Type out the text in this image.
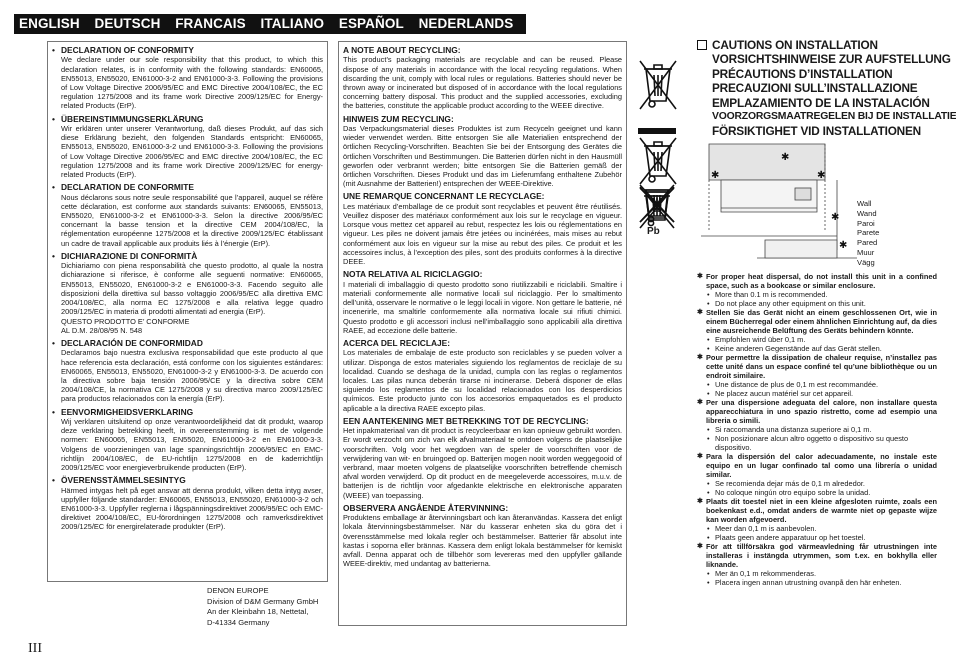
ENGLISH DEUTSCH FRANCAIS ITALIANO ESPAÑOL NEDERLANDS SVENSKA
• DECLARATION OF CONFORMITY
We declare under our sole responsibility that this product, to which this declaration relates, is in conformity with the following standards: EN60065, EN55013, EN55020, EN61000-3-2 and EN61000-3-3. Following the provisions of Low Voltage Directive 2006/95/EC and EMC Directive 2004/108/EC, the EC regulation 1275/2008 and its frame work Directive 2009/125/EC for Energy-related Products (ErP).
• ÜBEREINSTIMMUNGSERKLÄRUNG
Wir erklären unter unserer Verantwortung, daß dieses Produkt, auf das sich diese Erklärung bezieht, den folgenden Standards entspricht: EN60065, EN55013, EN55020, EN61000-3-2 und EN61000-3-3. Following the provisions of Low Voltage Directive 2006/95/EC and EMC directive 2004/108/EC, the EC regulation 1275/2008 and its frame work Directive 2009/125/EC for energy-related Products (ErP).
• DECLARATION DE CONFORMITE
Nous déclarons sous notre seule responsabilité que l’appareil, auquel se réfère cette déclaration, est conforme aux standards suivants: EN60065, EN55013, EN55020, EN61000-3-2 et EN61000-3-3. Selon la directive 2006/95/EC concernant la basse tension et la directive CEM 2004/108/EC, la réglementation européenne 1275/2008 et la directive 2009/125/EC établissant un cadre de travail applicable aux produits liés à l’énergie (ErP).
• DICHIARAZIONE DI CONFORMITÀ
Dichiariamo con piena responsabilità che questo prodotto, al quale la nostra dichiarazione si riferisce, è conforme alle seguenti normative: EN60065, EN55013, EN55020, EN61000-3-2 e EN61000-3-3. Facendo seguito alle disposizioni della direttiva sul basso voltaggio 2006/95/EC alla direttiva EMC 2004/108/EC, alla norma EC 1275/2008 e alla relativa legge quadro 2009/125/EC in materia di prodotti alimentati ad energia (ErP).
QUESTO PRODOTTO E’ CONFORME
AL D.M. 28/08/95 N. 548
• DECLARACIÓN DE CONFORMIDAD
Declaramos bajo nuestra exclusiva responsabilidad que este producto al que hace referencia esta declaración, está conforme con los siguientes estándares: EN60065, EN55013, EN55020, EN61000-3-2 y EN61000-3-3. De acuerdo con la directiva sobre baja tensión 2006/95/CE y la directiva sobre CEM 2004/108/CE, la normativa CE 1275/2008 y su directiva marco 2009/125/EC para productos relacionados con la energía (ErP).
• EENVORMIGHEIDSVERKLARING
Wij verklaren uitsluitend op onze verantwoordelijkheid dat dit produkt, waarop deze verklaring betrekking heeft, in overeenstemming is met de volgende normen: EN60065, EN55013, EN55020, EN61000-3-2 en EN61000-3-3. Volgens de voorzieningen van lage spanningsrichtlijn 2006/95/EC en EMC-richtlijn 2004/108/EC, de EU-richtlijn 1275/2008 en de kaderrichtlijn 2009/125/EC voor energieverbruikende producten (ErP).
• ÖVERENSSTÄMMELSESINTYG
Härmed intygas helt på eget ansvar att denna produkt, vilken detta intyg avser, uppfyller följande standarder: EN60065, EN55013, EN55020, EN61000-3-2 och EN61000-3-3. Uppfyller reglerna i lågspänningsdirektivet 2006/95/EC och EMC-direktivet 2004/108/EC, EU-förordningen 1275/2008 och ramverksdirektivet 2009/125/EC för energirelaterade produkter (ErP).
DENON EUROPE
Division of D&M Germany GmbH
An der Kleinbahn 18, Nettetal,
D-41334 Germany
III
A NOTE ABOUT RECYCLING:
This product’s packaging materials are recyclable and can be reused. Please dispose of any materials in accordance with the local recycling regulations. When discarding the unit, comply with local rules or regulations. Batteries should never be thrown away or incinerated but disposed of in accordance with the local regulations concerning battery disposal. This product and the supplied accessories, excluding the batteries, constitute the applicable product according to the WEEE directive.
HINWEIS ZUM RECYCLING:
Das Verpackungsmaterial dieses Produktes ist zum Recyceln geeignet und kann wieder verwendet werden. Bitte entsorgen Sie alle Materialien entsprechend der örtlichen Recycling-Vorschriften. Beachten Sie bei der Entsorgung des Gerätes die örtlichen Vorschriften und Bestimmungen. Die Batterien dürfen nicht in den Hausmüll geworfen oder verbrannt werden; bitte entsorgen Sie die Batterien gemäß der örtlichen Vorschriften. Dieses Produkt und das im Lieferumfang enthaltene Zubehör (mit Ausnahme der Batterien!) entsprechen der WEEE-Direktive.
UNE REMARQUE CONCERNANT LE RECYCLAGE:
Les matériaux d’emballage de ce produit sont recyclables et peuvent être réutilisés. Veuillez disposer des matériaux conformément aux lois sur le recyclage en vigueur. Lorsque vous mettez cet appareil au rebut, respectez les lois ou réglementations en vigueur. Les piles ne doivent jamais être jetées ou incinérées, mais mises au rebut conformément aux lois en vigueur sur la mise au rebut des piles. Ce produit et les accessoires inclus, à l’exception des piles, sont des produits conformes à la directive DEEE.
NOTA RELATIVA AL RICICLAGGIO:
I materiali di imballaggio di questo prodotto sono riutilizzabili e riciclabili. Smaltire i materiali conformemente alle normative locali sul riciclaggio. Per lo smaltimento dell’unità, osservare le normative o le leggi locali in vigore. Non gettare le batterie, né incenerirle, ma smaltirle conformemente alla normativa locale sui rifiuti chimici. Questo prodotto e gli accessori inclusi nell’imballaggio sono applicabili alla direttiva RAEE, ad eccezione delle batterie.
ACERCA DEL RECICLAJE:
Los materiales de embalaje de este producto son reciclables y se pueden volver a utilizar. Disponga de estos materiales siguiendo los reglamentos de reciclaje de su localidad. Cuando se deshaga de la unidad, cumpla con las reglas o reglamentos locales. Las pilas nunca deberán tirarse ni incinerarse. Deberá disponer de ellas siguiendo los reglamentos de su localidad relacionados con los desperdicios químicos. Este producto junto con los accesorios empaquetados es el producto aplicable a la directiva RAEE excepto pilas.
EEN AANTEKENING MET BETREKKING TOT DE RECYCLING:
Het inpakmateriaal van dit product is recycleerbaar en kan opnieuw gebruikt worden. Er wordt verzocht om zich van elk afvalmateriaal te ontdoen volgens de plaatselijke voorschriften. Volg voor het wegdoen van de speler de voorschriften voor de verwijdering van wit- en bruingoed op. Batterijen mogen nooit worden weggegooid of verbrand, maar moeten volgens de plaatselijke voorschriften betreffende chemisch afval worden verwijderd. Op dit product en de meegeleverde accessoires, m.u.v. de batterijen is de richtlijn voor afgedankte elektrische en elektronische apparaten (WEEE) van toepassing.
OBSERVERA ANGÅENDE ÅTERVINNING:
Produktens emballage är återvinningsbart och kan återanvändas. Kassera det enligt lokala återvinningsbestämmelser. När du kasserar enheten ska du göra det i överensstämmelse med lokala regler och bestämmelser. Batterier får absolut inte kastas i soporna eller brännas. Kassera dem enligt lokala bestämmelser för kemiskt avfall. Denna apparat och de tillbehör som levereras med den uppfyller gällande WEEE-direktiv, med undantag av batterierna.
Pb
CAUTIONS ON INSTALLATION
VORSICHTSHINWEISE ZUR AUFSTELLUNG
PRÉCAUTIONS D’INSTALLATION
PRECAUZIONI SULL’INSTALLAZIONE
EMPLAZAMIENTO DE LA INSTALACIÓN
VOORZORGSMAATREGELEN BIJ DE INSTALLATIE
FÖRSIKTIGHET VID INSTALLATIONEN
✱
✱	✱
✱
✱
Wall
Wand
Paroi
Parete
Pared
Muur
Vägg
✱ For proper heat dispersal, do not install this unit in a confined space, such as a bookcase or similar enclosure.
• More than 0.1 m is recommended.
• Do not place any other equipment on this unit.
✱ Stellen Sie das Gerät nicht an einem geschlossenen Ort, wie in einem Bücherregal oder einem ähnlichen Einrichtung auf, da dies eine ausreichende Belüftung des Geräts behindern könnte.
• Empfohlen wird über 0,1 m.
• Keine anderen Gegenstände auf das Gerät stellen.
✱ Pour permettre la dissipation de chaleur requise, n’installez pas cette unité dans un espace confiné tel qu’une bibliothèque ou un endroit similaire.
• Une distance de plus de 0,1 m est recommandée.
• Ne placez aucun matériel sur cet appareil.
✱ Per una dispersione adeguata del calore, non installare questa apparecchiatura in uno spazio ristretto, come ad esempio una libreria o simili.
• Si raccomanda una distanza superiore ai 0,1 m.
• Non posizionare alcun altro oggetto o dispositivo su questo dispositivo.
✱ Para la dispersión del calor adecuadamente, no instale este equipo en un lugar confinado tal como una librería o unidad similar.
• Se recomienda dejar más de 0,1 m alrededor.
• No coloque ningún otro equipo sobre la unidad.
✱ Plaats dit toestel niet in een kleine afgesloten ruimte, zoals een boekenkast e.d., omdat anders de warmte niet op gepaste wijze kan worden afgevoerd.
• Meer dan 0,1 m is aanbevolen.
• Plaats geen andere apparatuur op het toestel.
✱ För att tillförsäkra god värmeavledning får utrustningen inte installeras i instängda utrymmen, som t.ex. en bokhylla eller liknande.
• Mer än 0,1 m rekommenderas.
• Placera ingen annan utrustning ovanpå den här enheten.
